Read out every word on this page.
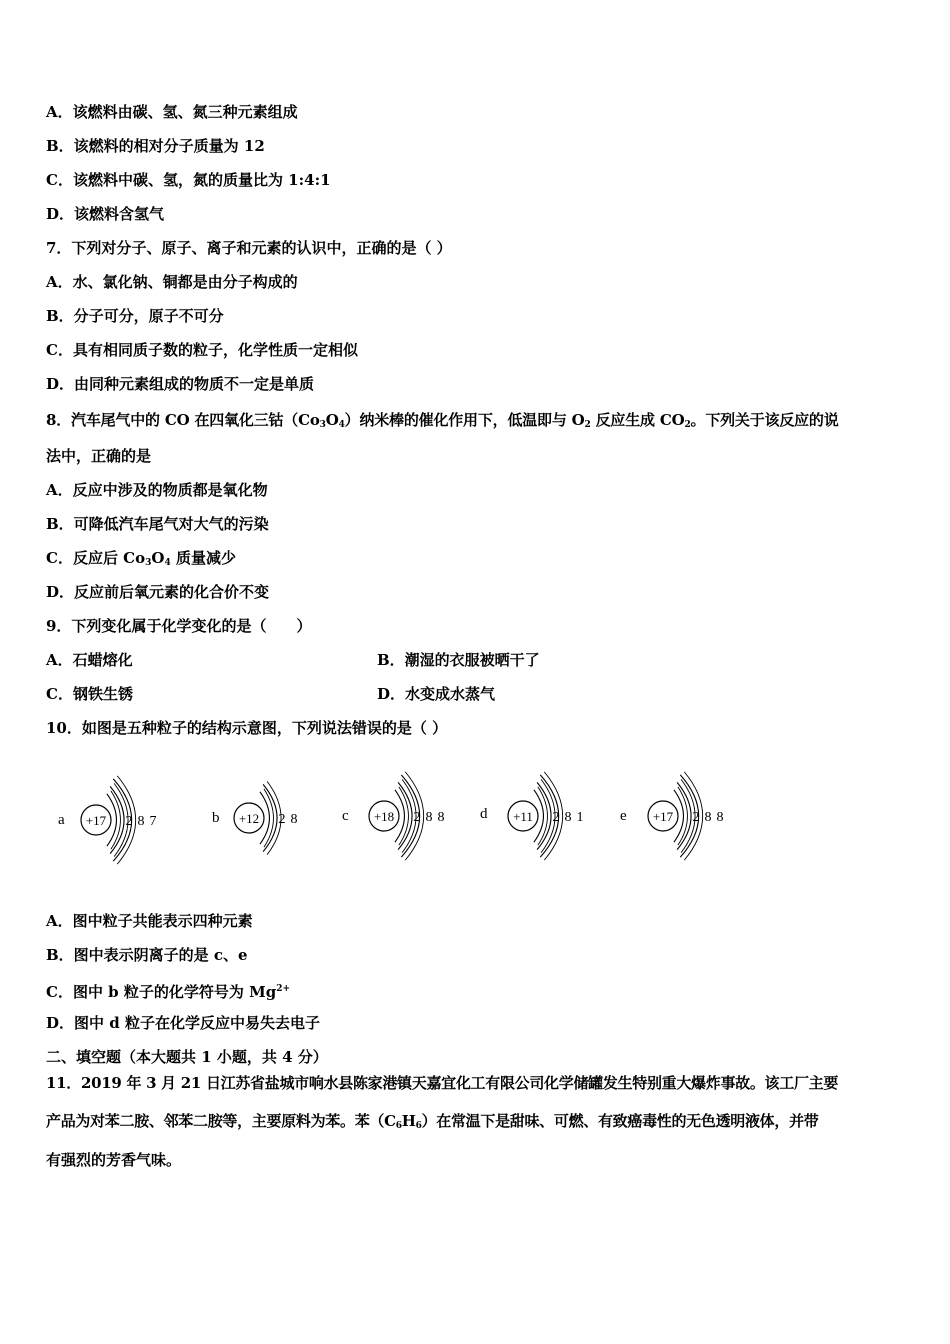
A．该燃料由碳、氢、氮三种元素组成
B．该燃料的相对分子质量为 12
C．该燃料中碳、氢，氮的质量比为 1:4:1
D．该燃料含氢气
7．下列对分子、原子、离子和元素的认识中，正确的是（ ）
A．水、氯化钠、铜都是由分子构成的
B．分子可分，原子不可分
C．具有相同质子数的粒子，化学性质一定相似
D．由同种元素组成的物质不一定是单质
8．汽车尾气中的 CO 在四氧化三钴$(Co_3O_4)$纳米棒的催化作用下，低温即与 $O_2$ 反应生成 $CO_2$。下列关于该反应的说
法中，正确的是
A．反应中涉及的物质都是氧化物
B．可降低汽车尾气对大气的污染
C．反应后 $Co_3O_4$ 质量减少
D．反应前后氧元素的化合价不变
9．下列变化属于化学变化的是（　　）
A．石蜡熔化	B．潮湿的衣服被晒干了
C．钢铁生锈	D．水变成水蒸气
10．如图是五种粒子的结构示意图，下列说法错误的是（ ）
a +17 2 8 7	b +12 2 8	c +18 2 8 8 d +11 2 8 1 e +17 2 8 8
A．图中粒子共能表示四种元素
B．图中表示阴离子的是 c、e
C．图中 b 粒子的化学符号为 $Mg^{2+}$
D．图中 d 粒子在化学反应中易失去电子
二、填空题（本大题共 1 小题，共 4 分）
11．2019 年 3 月 21 日江苏省盐城市响水县陈家港镇天嘉宜化工有限公司化学储罐发生特别重大爆炸事故。该工厂主要
产品为对苯二胺、邻苯二胺等，主要原料为苯。苯$(C_6H_6)$在常温下是甜味、可燃、有致癌毒性的无色透明液体，并带
有强烈的芳香气味。
